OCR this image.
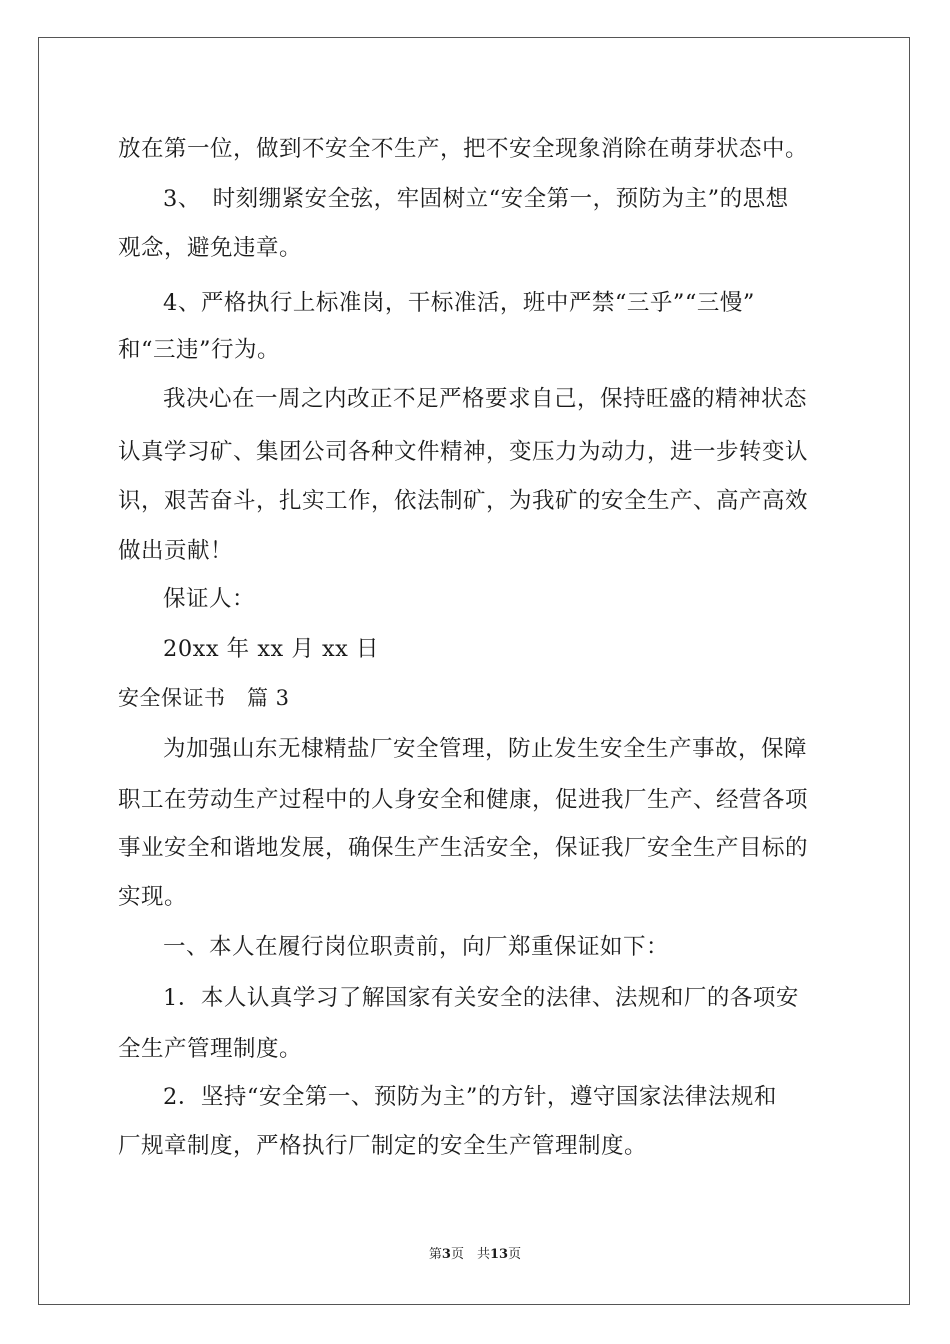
放在第一位，做到不安全不生产，把不安全现象消除在萌芽状态中。
3、　时刻绷紧安全弦，牢固树立“安全第一，预防为主”的思想
观念，避免违章。
4、严格执行上标准岗，干标准活，班中严禁“三乎”“三慢”
和“三违”行为。
我决心在一周之内改正不足严格要求自己，保持旺盛的精神状态
认真学习矿、集团公司各种文件精神，变压力为动力，进一步转变认
识，艰苦奋斗，扎实工作，依法制矿，为我矿的安全生产、高产高效
做出贡献！
保证人：
20xx 年 xx 月 xx 日
安全保证书　篇 3
为加强山东无棣精盐厂安全管理，防止发生安全生产事故，保障
职工在劳动生产过程中的人身安全和健康，促进我厂生产、经营各项
事业安全和谐地发展，确保生产生活安全，保证我厂安全生产目标的
实现。
一、本人在履行岗位职责前，向厂郑重保证如下：
1．本人认真学习了解国家有关安全的法律、法规和厂的各项安
全生产管理制度。
2．坚持“安全第一、预防为主”的方针，遵守国家法律法规和
厂规章制度，严格执行厂制定的安全生产管理制度。
第3页　共13页
